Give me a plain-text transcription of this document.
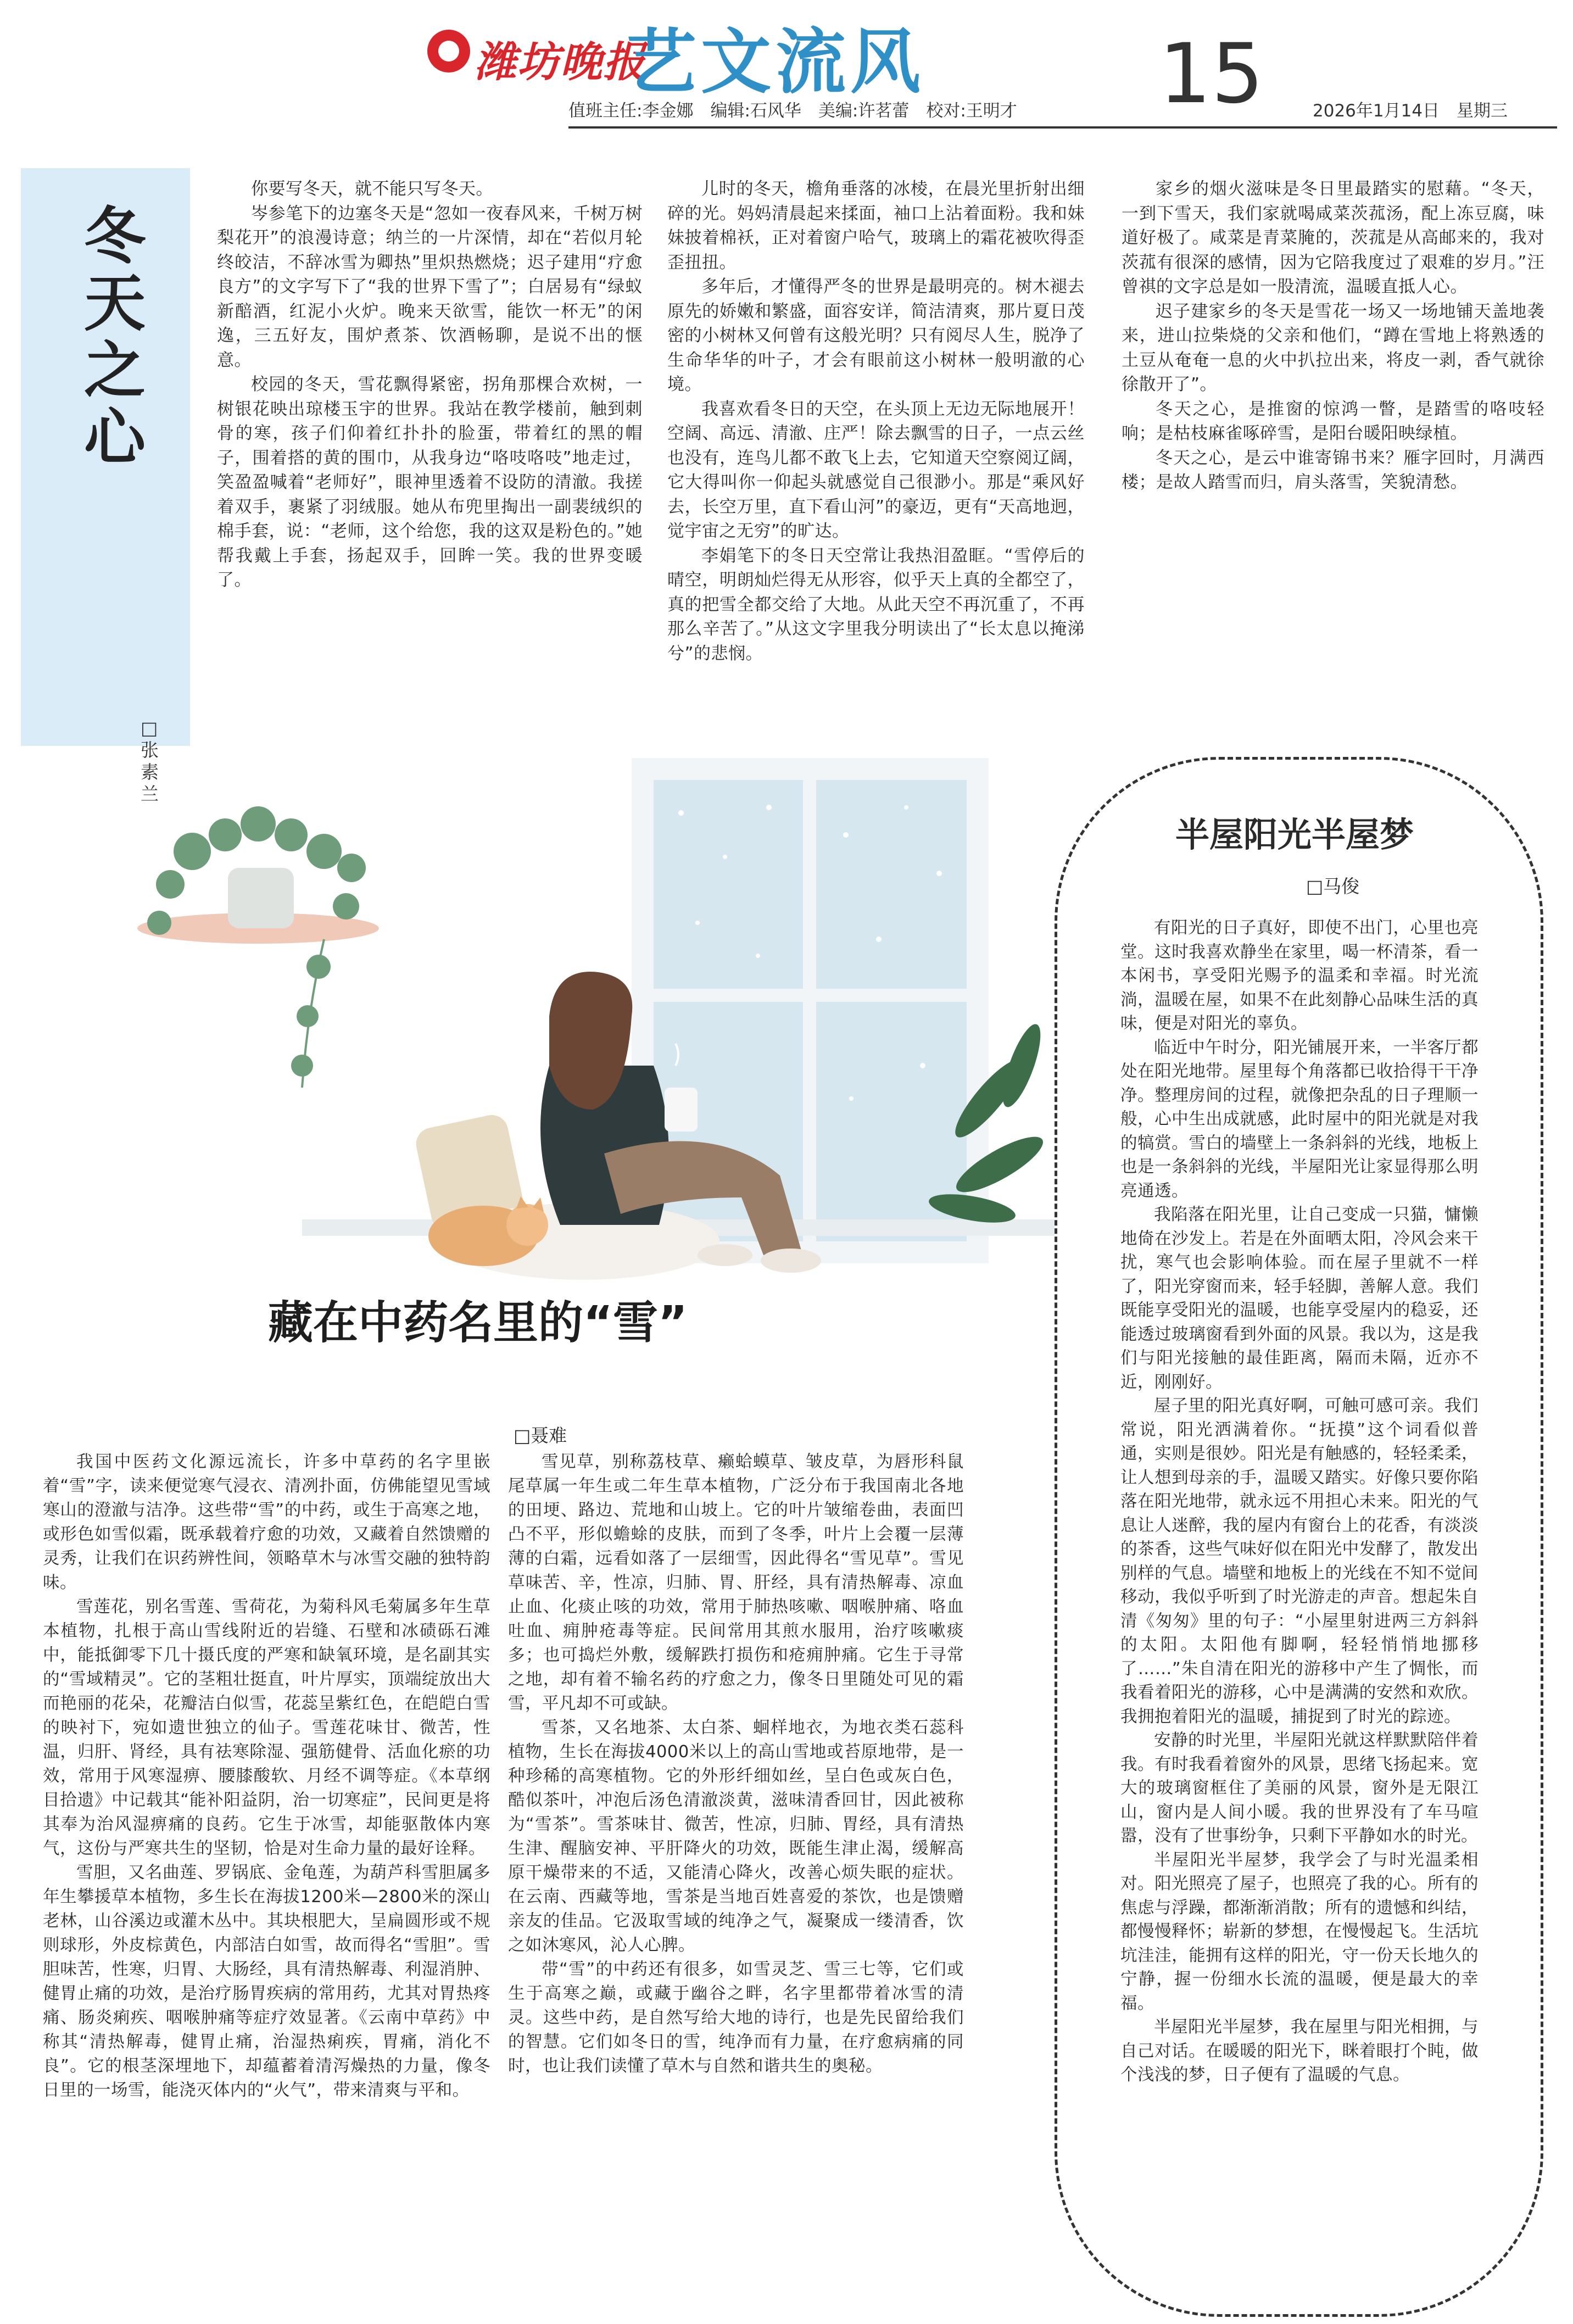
潍坊晚报
艺文流风	15
值班主任:李金娜　编辑:石风华　美编:许茗蕾　校对:王明才	2026年1月14日　星期三
冬天之心
□张素兰

你要写冬天，就不能只写冬天。

岑参笔下的边塞冬天是“忽如一夜春风来，千树万树梨花开”的浪漫诗意；纳兰的一片深情，却在“若似月轮终皎洁，不辞冰雪为卿热”里炽热燃烧；迟子建用“疗愈良方”的文字写下了“我的世界下雪了”；白居易有“绿蚁新醅酒，红泥小火炉。晚来天欲雪，能饮一杯无”的闲逸，三五好友，围炉煮茶、饮酒畅聊，是说不出的惬意。

校园的冬天，雪花飘得紧密，拐角那棵合欢树，一树银花映出琼楼玉宇的世界。我站在教学楼前，触到刺骨的寒，孩子们仰着红扑扑的脸蛋，带着红的黑的帽子，围着搭的黄的围巾，从我身边“咯吱咯吱”地走过，笑盈盈喊着“老师好”，眼神里透着不设防的清澈。我搓着双手，裹紧了羽绒服。她从布兜里掏出一副裴绒织的棉手套，说：“老师，这个给您，我的这双是粉色的。”她帮我戴上手套，扬起双手，回眸一笑。我的世界变暖了。

儿时的冬天，檐角垂落的冰棱，在晨光里折射出细碎的光。妈妈清晨起来揉面，袖口上沾着面粉。我和妹妹披着棉袄，正对着窗户哈气，玻璃上的霜花被吹得歪歪扭扭。

多年后，才懂得严冬的世界是最明亮的。树木褪去原先的娇嫩和繁盛，面容安详，简洁清爽，那片夏日茂密的小树林又何曾有这般光明？只有阅尽人生，脱净了生命华华的叶子，才会有眼前这小树林一般明澈的心境。

我喜欢看冬日的天空，在头顶上无边无际地展开！空阔、高远、清澈、庄严！除去飘雪的日子，一点云丝也没有，连鸟儿都不敢飞上去，它知道天空察阅辽阔，它大得叫你一仰起头就感觉自己很渺小。那是“乘风好去，长空万里，直下看山河”的豪迈，更有“天高地迥，觉宇宙之无穷”的旷达。

李娟笔下的冬日天空常让我热泪盈眶。“雪停后的晴空，明朗灿烂得无从形容，似乎天上真的全都空了，真的把雪全都交给了大地。从此天空不再沉重了，不再那么辛苦了。”从这文字里我分明读出了“长太息以掩涕兮”的悲悯。

家乡的烟火滋味是冬日里最踏实的慰藉。“冬天，一到下雪天，我们家就喝咸菜茨菰汤，配上冻豆腐，味道好极了。咸菜是青菜腌的，茨菰是从高邮来的，我对茨菰有很深的感情，因为它陪我度过了艰难的岁月。”汪曾祺的文字总是如一股清流，温暖直抵人心。

迟子建家乡的冬天是雪花一场又一场地铺天盖地袭来，进山拉柴烧的父亲和他们，“蹲在雪地上将熟透的土豆从奄奄一息的火中扒拉出来，将皮一剥，香气就徐徐散开了”。

冬天之心，是推窗的惊鸿一瞥，是踏雪的咯吱轻响；是枯枝麻雀啄碎雪，是阳台暖阳映绿植。

冬天之心，是云中谁寄锦书来？雁字回时，月满西楼；是故人踏雪而归，肩头落雪，笑貌清愁。

藏在中药名里的“雪”
□聂难

我国中医药文化源远流长，许多中草药的名字里嵌着“雪”字，读来便觉寒气浸衣、清冽扑面，仿佛能望见雪域寒山的澄澈与洁净。这些带“雪”的中药，或生于高寒之地，或形色如雪似霜，既承载着疗愈的功效，又藏着自然馈赠的灵秀，让我们在识药辨性间，领略草木与冰雪交融的独特韵味。

雪莲花，别名雪莲、雪荷花，为菊科风毛菊属多年生草本植物，扎根于高山雪线附近的岩缝、石壁和冰碛砾石滩中，能抵御零下几十摄氏度的严寒和缺氧环境，是名副其实的“雪域精灵”。它的茎粗壮挺直，叶片厚实，顶端绽放出大而艳丽的花朵，花瓣洁白似雪，花蕊呈紫红色，在皑皑白雪的映衬下，宛如遗世独立的仙子。雪莲花味甘、微苦，性温，归肝、肾经，具有祛寒除湿、强筋健骨、活血化瘀的功效，常用于风寒湿痹、腰膝酸软、月经不调等症。《本草纲目拾遗》中记载其“能补阳益阴，治一切寒症”，民间更是将其奉为治风湿痹痛的良药。它生于冰雪，却能驱散体内寒气，这份与严寒共生的坚韧，恰是对生命力量的最好诠释。

雪胆，又名曲莲、罗锅底、金龟莲，为葫芦科雪胆属多年生攀援草本植物，多生长在海拔1200米—2800米的深山老林，山谷溪边或灌木丛中。其块根肥大，呈扁圆形或不规则球形，外皮棕黄色，内部洁白如雪，故而得名“雪胆”。雪胆味苦，性寒，归胃、大肠经，具有清热解毒、利湿消肿、健胃止痛的功效，是治疗肠胃疾病的常用药，尤其对胃热疼痛、肠炎痢疾、咽喉肿痛等症疗效显著。《云南中草药》中称其“清热解毒，健胃止痛，治湿热痢疾，胃痛，消化不良”。它的根茎深埋地下，却蕴蓄着清泻燥热的力量，像冬日里的一场雪，能浇灭体内的“火气”，带来清爽与平和。

雪见草，别称荔枝草、癞蛤蟆草、皱皮草，为唇形科鼠尾草属一年生或二年生草本植物，广泛分布于我国南北各地的田埂、路边、荒地和山坡上。它的叶片皱缩卷曲，表面凹凸不平，形似蟾蜍的皮肤，而到了冬季，叶片上会覆一层薄薄的白霜，远看如落了一层细雪，因此得名“雪见草”。雪见草味苦、辛，性凉，归肺、胃、肝经，具有清热解毒、凉血止血、化痰止咳的功效，常用于肺热咳嗽、咽喉肿痛、咯血吐血、痈肿疮毒等症。民间常用其煎水服用，治疗咳嗽痰多；也可捣烂外敷，缓解跌打损伤和疮痈肿痛。它生于寻常之地，却有着不输名药的疗愈之力，像冬日里随处可见的霜雪，平凡却不可或缺。

雪茶，又名地茶、太白茶、蛔样地衣，为地衣类石蕊科植物，生长在海拔4000米以上的高山雪地或苔原地带，是一种珍稀的高寒植物。它的外形纤细如丝，呈白色或灰白色，酷似茶叶，冲泡后汤色清澈淡黄，滋味清香回甘，因此被称为“雪茶”。雪茶味甘、微苦，性凉，归肺、胃经，具有清热生津、醒脑安神、平肝降火的功效，既能生津止渴，缓解高原干燥带来的不适，又能清心降火，改善心烦失眠的症状。在云南、西藏等地，雪茶是当地百姓喜爱的茶饮，也是馈赠亲友的佳品。它汲取雪域的纯净之气，凝聚成一缕清香，饮之如沐寒风，沁人心脾。

带“雪”的中药还有很多，如雪灵芝、雪三七等，它们或生于高寒之巅，或藏于幽谷之畔，名字里都带着冰雪的清灵。这些中药，是自然写给大地的诗行，也是先民留给我们的智慧。它们如冬日的雪，纯净而有力量，在疗愈病痛的同时，也让我们读懂了草木与自然和谐共生的奥秘。

半屋阳光半屋梦
□马俊

有阳光的日子真好，即使不出门，心里也亮堂。这时我喜欢静坐在家里，喝一杯清茶，看一本闲书，享受阳光赐予的温柔和幸福。时光流淌，温暖在屋，如果不在此刻静心品味生活的真味，便是对阳光的辜负。

临近中午时分，阳光铺展开来，一半客厅都处在阳光地带。屋里每个角落都已收拾得干干净净。整理房间的过程，就像把杂乱的日子理顺一般，心中生出成就感，此时屋中的阳光就是对我的犒赏。雪白的墙壁上一条斜斜的光线，地板上也是一条斜斜的光线，半屋阳光让家显得那么明亮通透。

我陷落在阳光里，让自己变成一只猫，慵懒地倚在沙发上。若是在外面晒太阳，冷风会来干扰，寒气也会影响体验。而在屋子里就不一样了，阳光穿窗而来，轻手轻脚，善解人意。我们既能享受阳光的温暖，也能享受屋内的稳妥，还能透过玻璃窗看到外面的风景。我以为，这是我们与阳光接触的最佳距离，隔而未隔，近亦不近，刚刚好。

屋子里的阳光真好啊，可触可感可亲。我们常说，阳光洒满着你。“抚摸”这个词看似普通，实则是很妙。阳光是有触感的，轻轻柔柔，让人想到母亲的手，温暖又踏实。好像只要你陷落在阳光地带，就永远不用担心未来。阳光的气息让人迷醉，我的屋内有窗台上的花香，有淡淡的茶香，这些气味好似在阳光中发酵了，散发出别样的气息。墙壁和地板上的光线在不知不觉间移动，我似乎听到了时光游走的声音。想起朱自清《匆匆》里的句子：“小屋里射进两三方斜斜的太阳。太阳他有脚啊，轻轻悄悄地挪移了……”朱自清在阳光的游移中产生了惆怅，而我看着阳光的游移，心中是满满的安然和欢欣。我拥抱着阳光的温暖，捕捉到了时光的踪迹。

安静的时光里，半屋阳光就这样默默陪伴着我。有时我看着窗外的风景，思绪飞扬起来。宽大的玻璃窗框住了美丽的风景，窗外是无限江山，窗内是人间小暖。我的世界没有了车马喧嚣，没有了世事纷争，只剩下平静如水的时光。

半屋阳光半屋梦，我学会了与时光温柔相对。阳光照亮了屋子，也照亮了我的心。所有的焦虑与浮躁，都渐渐消散；所有的遗憾和纠结，都慢慢释怀；崭新的梦想，在慢慢起飞。生活坑坑洼洼，能拥有这样的阳光，守一份天长地久的宁静，握一份细水长流的温暖，便是最大的幸福。

半屋阳光半屋梦，我在屋里与阳光相拥，与自己对话。在暖暖的阳光下，眯着眼打个盹，做个浅浅的梦，日子便有了温暖的气息。
